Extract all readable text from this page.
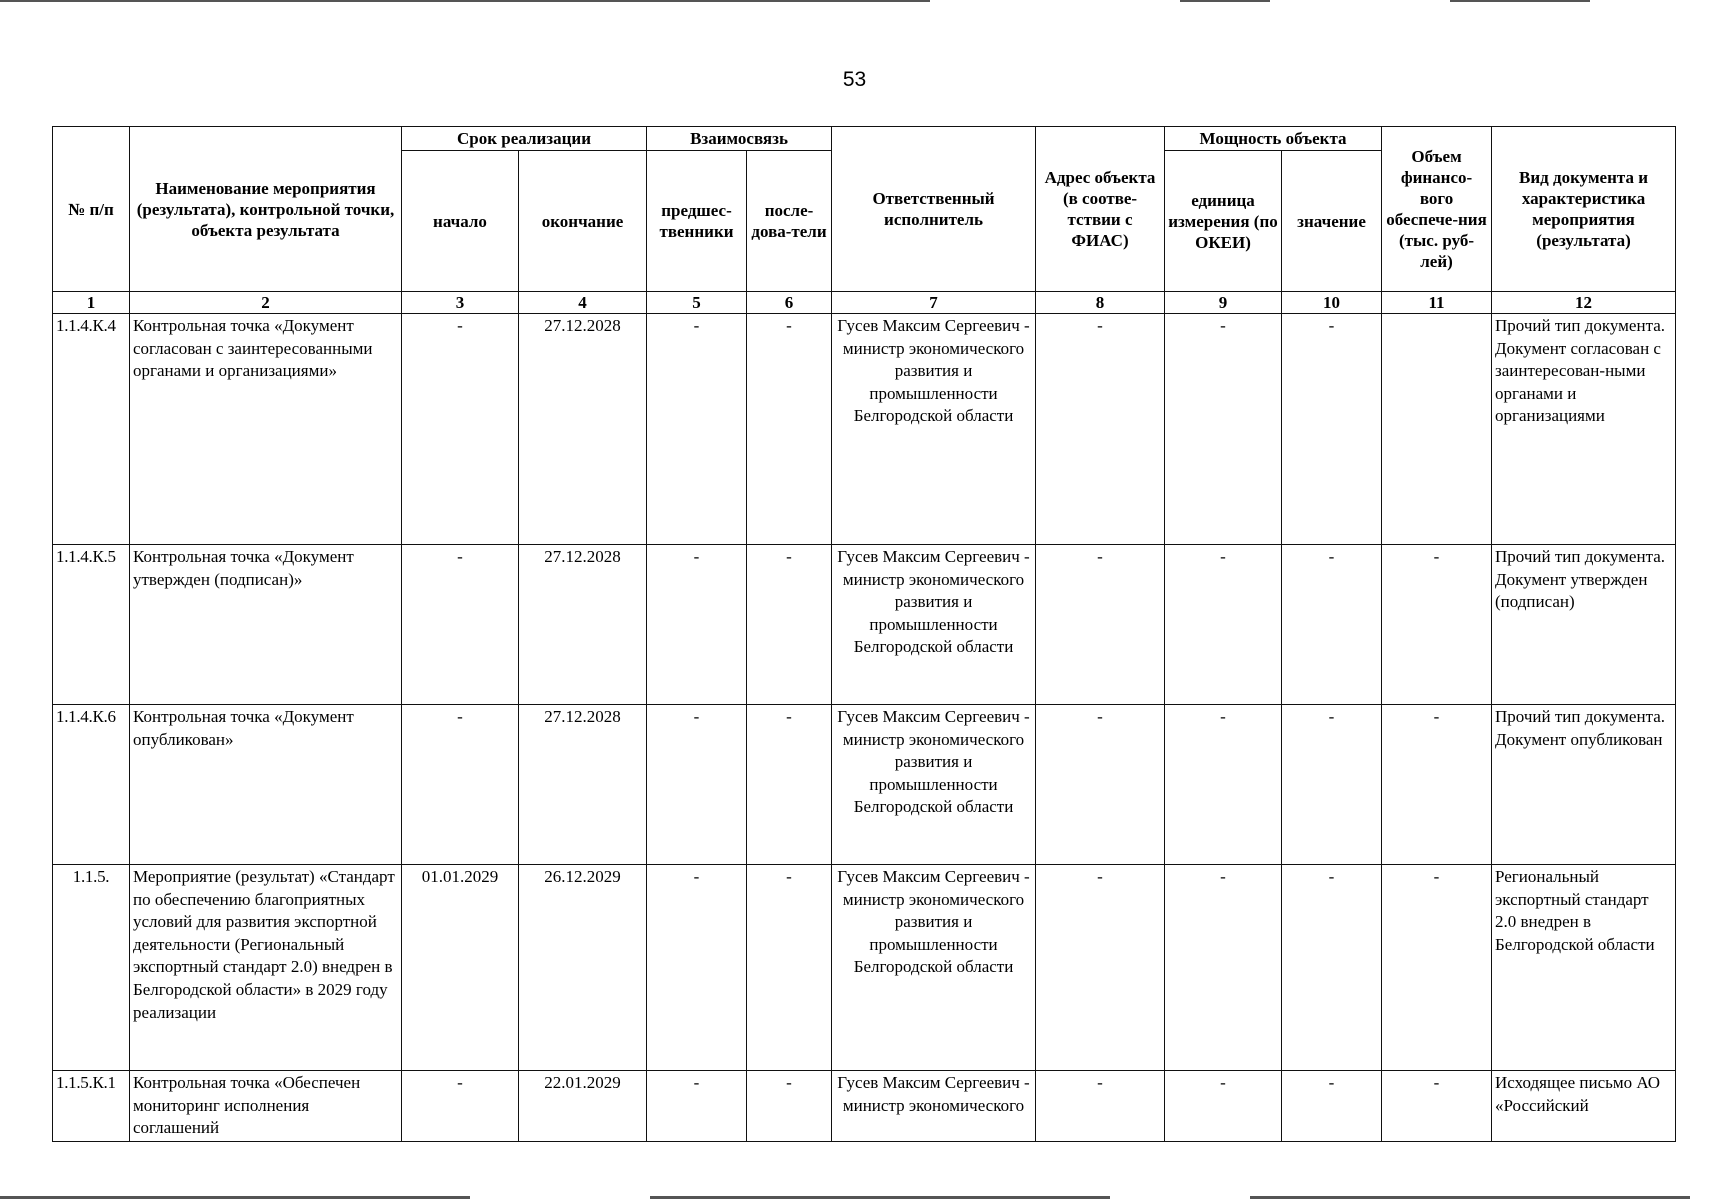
53
№ п/п	Наименование мероприятия (результата), контрольной точки, объекта результата	Срок реализации		Взаимосвязь		Ответственный исполнитель	Адрес объекта (в соотве-тствии с ФИАС)	Мощность объекта		Объем финансо-вого обеспече-ния (тыс. руб-лей)	Вид документа и характеристика мероприятия (результата)
		начало	окончание	предшес-твенники	после-дова-тели			единица измерения (по ОКЕИ)	значение		
1	2	3	4	5	6	7	8	9	10	11	12
1.1.4.К.4	Контрольная точка «Документ согласован с заинтересованными органами и организациями»	-	27.12.2028	-	-	Гусев Максим Сергеевич - министр экономического развития и промышленности Белгородской области	-	-	-		Прочий тип документа. Документ согласован с заинтересован-ными органами и организациями
1.1.4.К.5	Контрольная точка «Документ утвержден (подписан)»	-	27.12.2028	-	-	Гусев Максим Сергеевич - министр экономического развития и промышленности Белгородской области	-	-	-	-	Прочий тип документа. Документ утвержден (подписан)
1.1.4.К.6	Контрольная точка «Документ опубликован»	-	27.12.2028	-	-	Гусев Максим Сергеевич - министр экономического развития и промышленности Белгородской области	-	-	-	-	Прочий тип документа. Документ опубликован
1.1.5.	Мероприятие (результат) «Стандарт по обеспечению благоприятных условий для развития экспортной деятельности (Региональный экспортный стандарт 2.0) внедрен в Белгородской области» в 2029 году реализации	01.01.2029	26.12.2029	-	-	Гусев Максим Сергеевич - министр экономического развития и промышленности Белгородской области	-	-	-	-	Региональный экспортный стандарт 2.0 внедрен в Белгородской области
1.1.5.К.1	Контрольная точка «Обеспечен мониторинг исполнения соглашений	-	22.01.2029	-	-	Гусев Максим Сергеевич - министр экономического	-	-	-	-	Исходящее письмо АО «Российский
